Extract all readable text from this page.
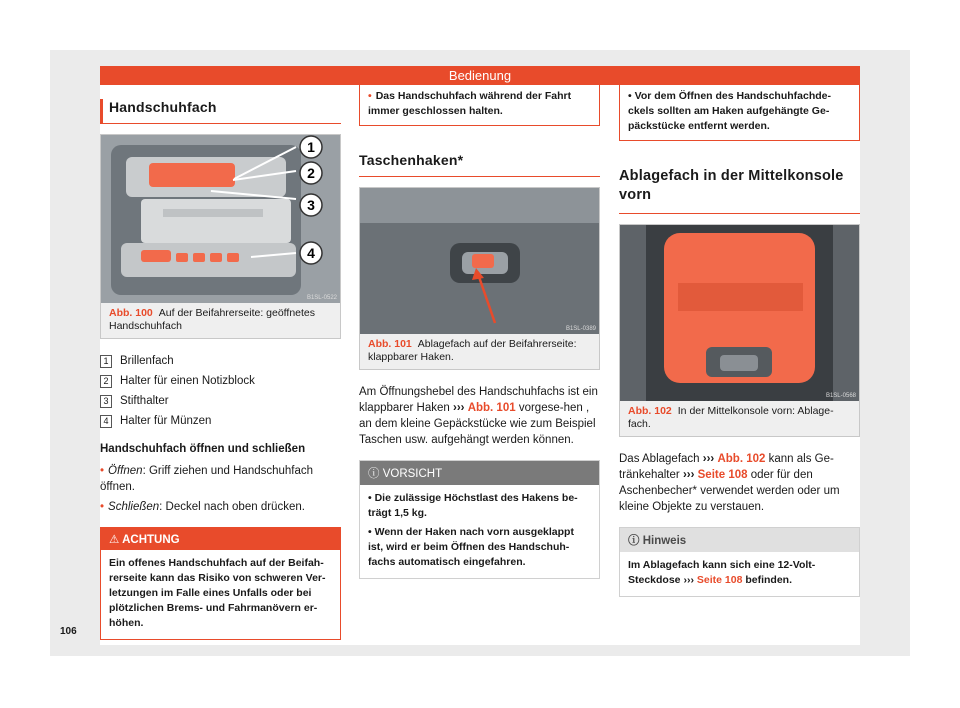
Bedienung
Handschuhfach
1
2
3
4
B1SL-0522
Abb. 100 Auf der Beifahrerseite: geöffnetes Handschuhfach
1	Brillenfach
2	Halter für einen Notizblock
3	Stifthalter
4	Halter für Münzen
Handschuhfach öffnen und schließen
• Öffnen: Griff ziehen und Handschuhfach öffnen.
• Schließen: Deckel nach oben drücken.
⚠ ACHTUNG
Ein offenes Handschuhfach auf der Beifah-rerseite kann das Risiko von schweren Ver-letzungen im Falle eines Unfalls oder bei plötzlichen Brems- und Fahrmanövern er-höhen.
• Das Handschuhfach während der Fahrt immer geschlossen halten.
Taschenhaken*
B1SL-0389
Abb. 101 Ablagefach auf der Beifahrerseite: klappbarer Haken.
Am Öffnungshebel des Handschuhfachs ist ein klappbarer Haken ››› Abb. 101 vorgese-hen , an dem kleine Gepäckstücke wie zum Beispiel Taschen usw. aufgehängt werden können.
ⓘ VORSICHT
• Die zulässige Höchstlast des Hakens be-trägt 1,5 kg.
• Wenn der Haken nach vorn ausgeklappt ist, wird er beim Öffnen des Handschuh-fachs automatisch eingefahren.
• Vor dem Öffnen des Handschuhfachde-ckels sollten am Haken aufgehängte Ge-päckstücke entfernt werden.
Ablagefach in der Mittelkonsole vorn
B1SL-0568
Abb. 102 In der Mittelkonsole vorn: Ablage-fach.
Das Ablagefach ››› Abb. 102 kann als Ge-tränkehalter ››› Seite 108 oder für den Aschenbecher* verwendet werden oder um kleine Objekte zu verstauen.
ⓘ Hinweis
Im Ablagefach kann sich eine 12-Volt-Steckdose ››› Seite 108 befinden.
106
